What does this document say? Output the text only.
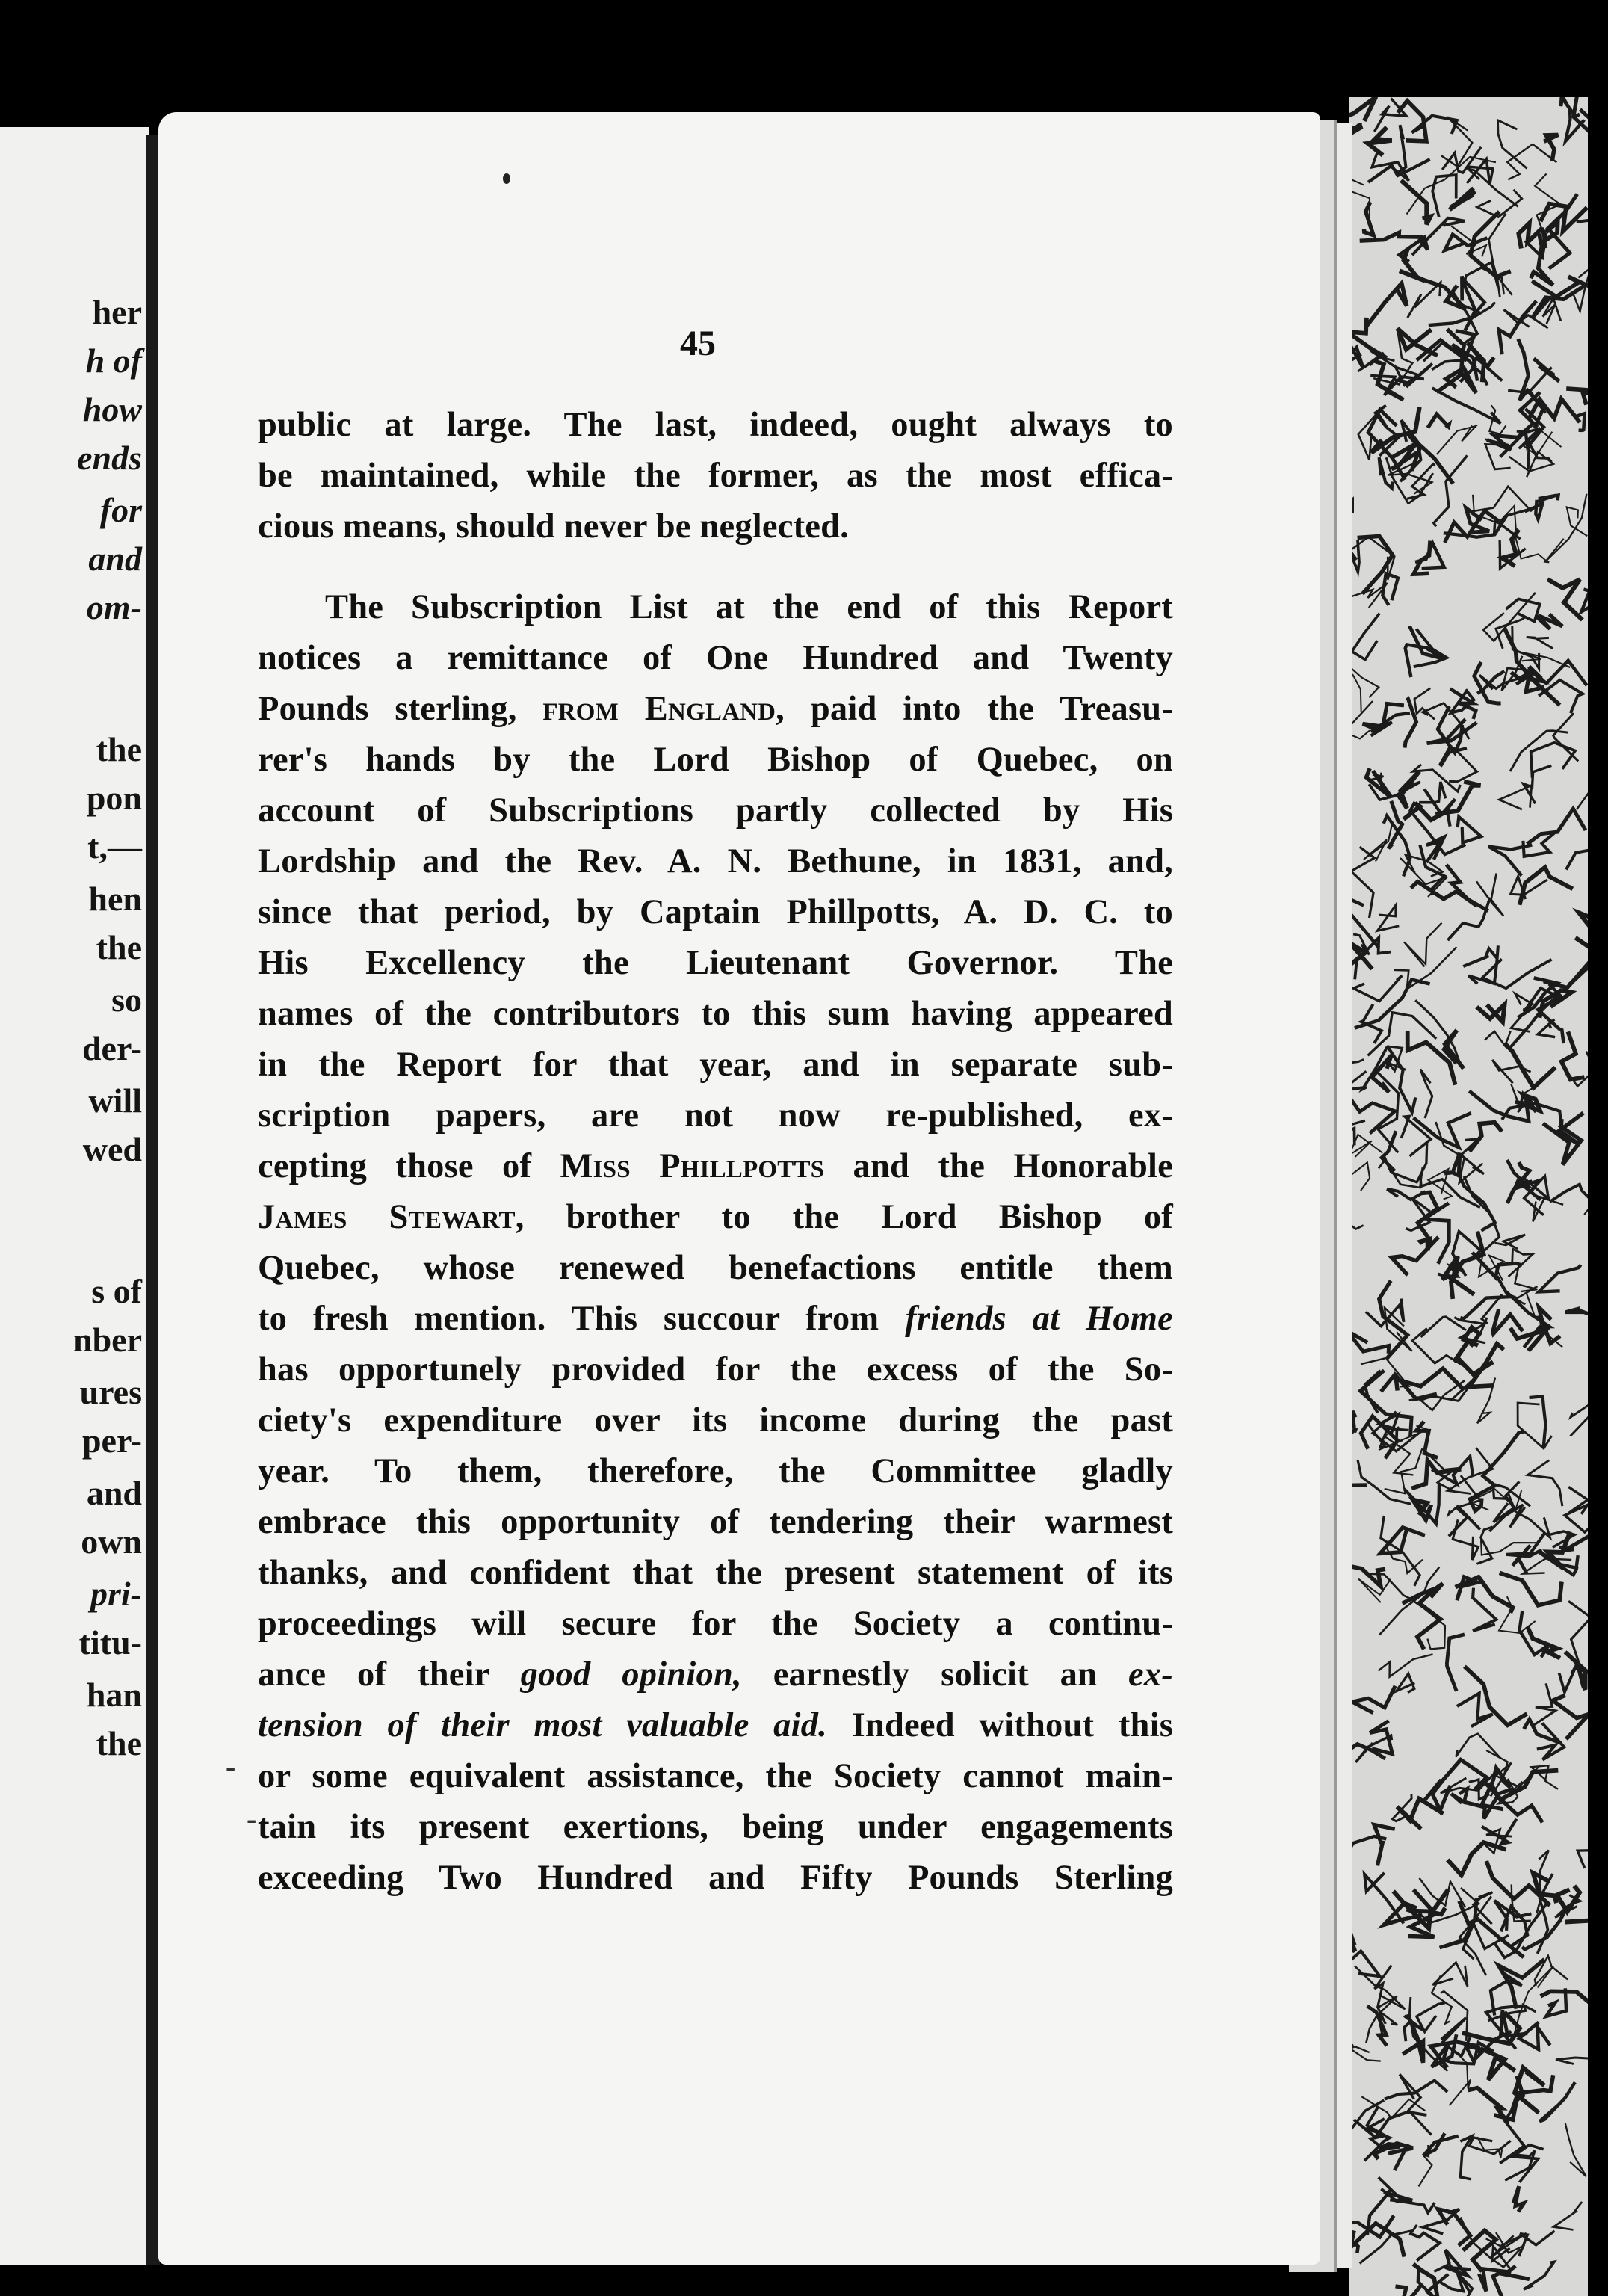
her
h of
how
ends
for
and
om-
the
pon
t,—
hen
the
so
der-
will
wed
s of
nber
ures
per-
and
own
pri-
titu-
han
the
45
public at large. The last, indeed, ought always to
be maintained, while the former, as the most effica-
cious means, should never be neglected.
The Subscription List at the end of this Report
notices a remittance of One Hundred and Twenty
Pounds sterling, from England, paid into the Treasu-
rer's hands by the Lord Bishop of Quebec, on
account of Subscriptions partly collected by His
Lordship and the Rev. A. N. Bethune, in 1831, and,
since that period, by Captain Phillpotts, A. D. C. to
His Excellency the Lieutenant Governor. The
names of the contributors to this sum having appeared
in the Report for that year, and in separate sub-
scription papers, are not now re-published, ex-
cepting those of Miss Phillpotts and the Honorable
James Stewart, brother to the Lord Bishop of
Quebec, whose renewed benefactions entitle them
to fresh mention. This succour from friends at Home
has opportunely provided for the excess of the So-
ciety's expenditure over its income during the past
year. To them, therefore, the Committee gladly
embrace this opportunity of tendering their warmest
thanks, and confident that the present statement of its
proceedings will secure for the Society a continu-
ance of their good opinion, earnestly solicit an ex-
tension of their most valuable aid. Indeed without this
or some equivalent assistance, the Society cannot main-
tain its present exertions, being under engagements
exceeding Two Hundred and Fifty Pounds Sterling
-
-
